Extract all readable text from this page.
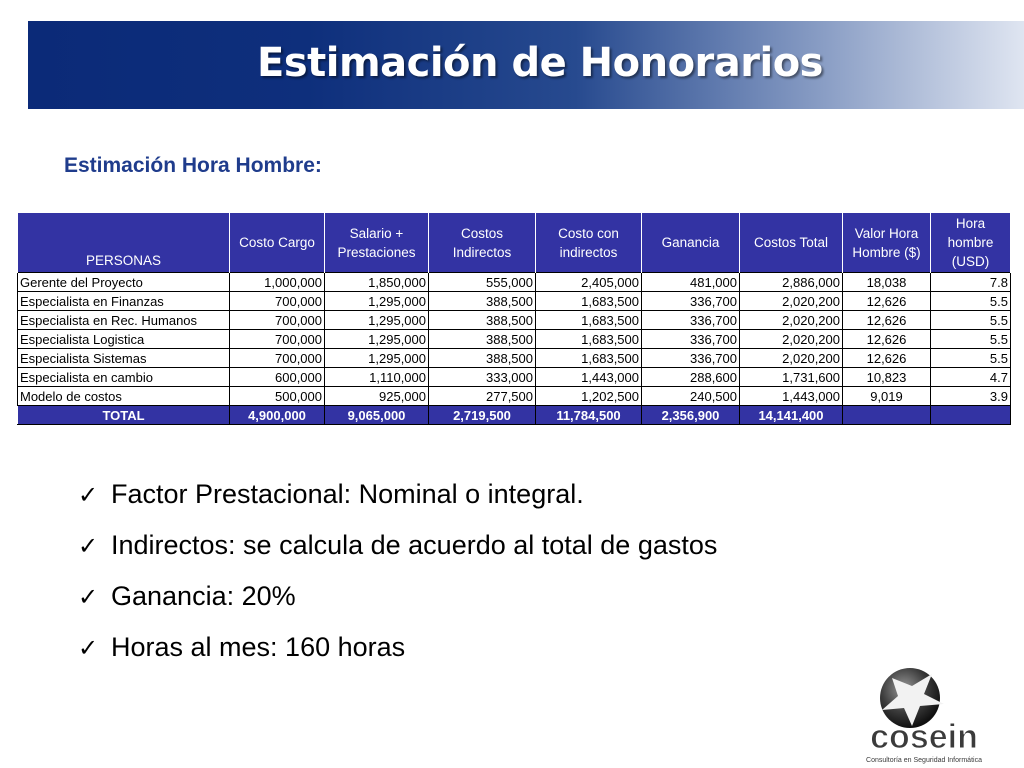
Estimación de Honorarios
Estimación Hora Hombre:
PERSONAS	Costo Cargo	Salario + Prestaciones	Costos Indirectos	Costo con indirectos	Ganancia	Costos Total	Valor Hora Hombre ($)	Hora hombre (USD)
Gerente del Proyecto	1,000,000	1,850,000	555,000	2,405,000	481,000	2,886,000	18,038	7.8
Especialista en Finanzas	700,000	1,295,000	388,500	1,683,500	336,700	2,020,200	12,626	5.5
Especialista en Rec. Humanos	700,000	1,295,000	388,500	1,683,500	336,700	2,020,200	12,626	5.5
Especialista Logistica	700,000	1,295,000	388,500	1,683,500	336,700	2,020,200	12,626	5.5
Especialista Sistemas	700,000	1,295,000	388,500	1,683,500	336,700	2,020,200	12,626	5.5
Especialista en cambio	600,000	1,110,000	333,000	1,443,000	288,600	1,731,600	10,823	4.7
Modelo de costos	500,000	925,000	277,500	1,202,500	240,500	1,443,000	9,019	3.9
TOTAL	4,900,000	9,065,000	2,719,500	11,784,500	2,356,900	14,141,400		
✓ Factor Prestacional: Nominal o integral.
✓ Indirectos: se calcula de acuerdo al total de gastos
✓ Ganancia: 20%
✓ Horas al mes: 160 horas
cosein
Consultoría en Seguridad Informática
